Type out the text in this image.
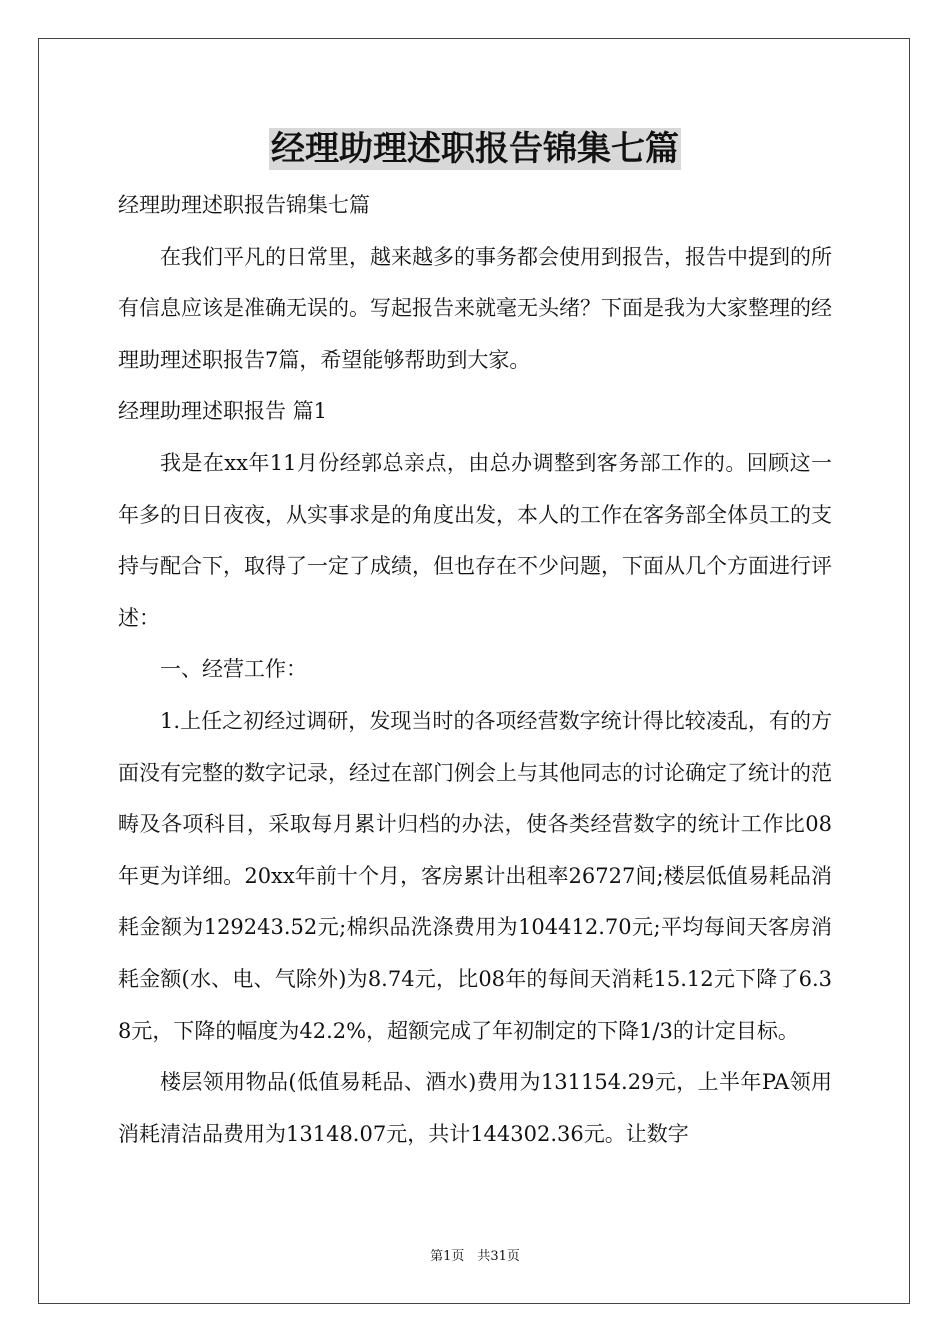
经理助理述职报告锦集七篇

经理助理述职报告锦集七篇

在我们平凡的日常里，越来越多的事务都会使用到报告，报告中提到的所有信息应该是准确无误的。写起报告来就毫无头绪？下面是我为大家整理的经理助理述职报告7篇，希望能够帮助到大家。

经理助理述职报告 篇1

我是在xx年11月份经郭总亲点，由总办调整到客务部工作的。回顾这一年多的日日夜夜，从实事求是的角度出发，本人的工作在客务部全体员工的支持与配合下，取得了一定了成绩，但也存在不少问题，下面从几个方面进行评述：

一、经营工作：

1.上任之初经过调研，发现当时的各项经营数字统计得比较凌乱，有的方面没有完整的数字记录，经过在部门例会上与其他同志的讨论确定了统计的范畴及各项科目，采取每月累计归档的办法，使各类经营数字的统计工作比08年更为详细。20xx年前十个月，客房累计出租率26727间;楼层低值易耗品消耗金额为129243.52元;棉织品洗涤费用为104412.70元;平均每间天客房消耗金额(水、电、气除外)为8.74元，比08年的每间天消耗15.12元下降了6.38元，下降的幅度为42.2%，超额完成了年初制定的下降1/3的计定目标。

楼层领用物品(低值易耗品、酒水)费用为131154.29元，上半年PA领用消耗清洁品费用为13148.07元，共计144302.36元。让数字

第1页　共31页
